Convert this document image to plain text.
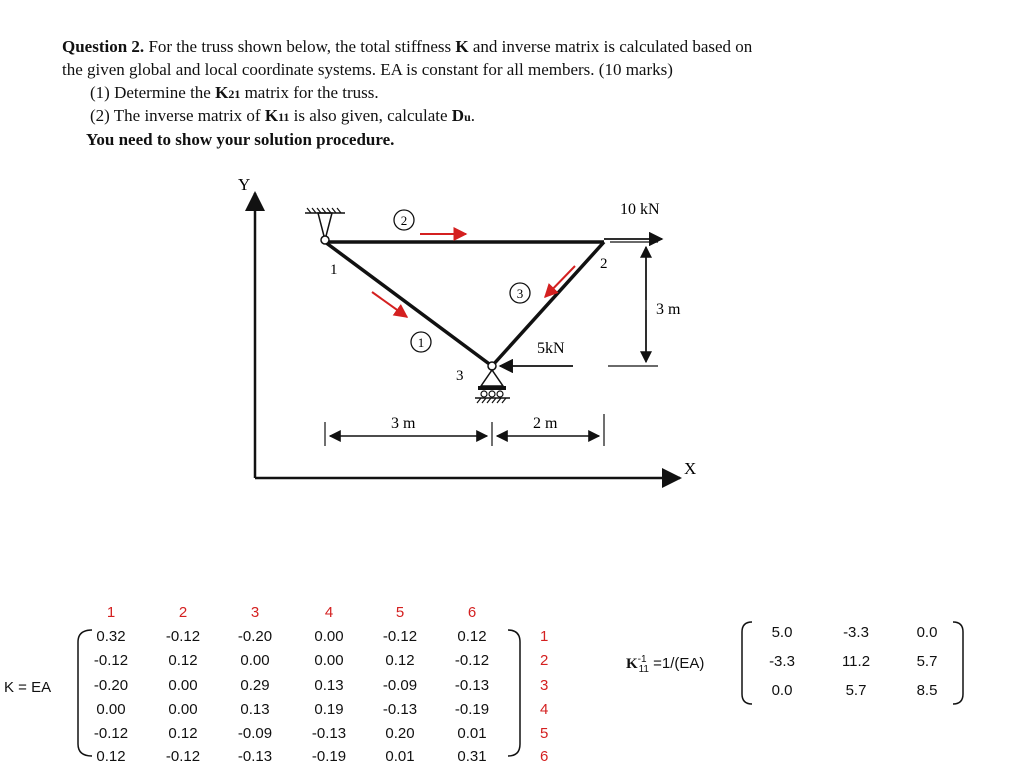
Question 2. For the truss shown below, the total stiffness K and inverse matrix is calculated based on
the given global and local coordinate systems. EA is constant for all members. (10 marks)
(1) Determine the K21 matrix for the truss.
(2) The inverse matrix of K11 is also given, calculate Du.
You need to show your solution procedure.
Y
X
1	2
3
2
1
3
10 kN
5kN
3 m
3 m	2 m
K = EA
1	2	3	4	5	6
0.32	-0.12	-0.20	0.00	-0.12	0.12
-0.12	0.12	0.00	0.00	0.12	-0.12
-0.20	0.00	0.29	0.13	-0.09	-0.13
0.00	0.00	0.13	0.19	-0.13	-0.19
-0.12	0.12	-0.09	-0.13	0.20	0.01
0.12	-0.12	-0.13	-0.19	0.01	0.31
1
2
3
4
5
6
$K^{-1}_{11} =1/(EA)$
5.0	-3.3	0.0
-3.3	11.2	5.7
0.0	5.7	8.5
